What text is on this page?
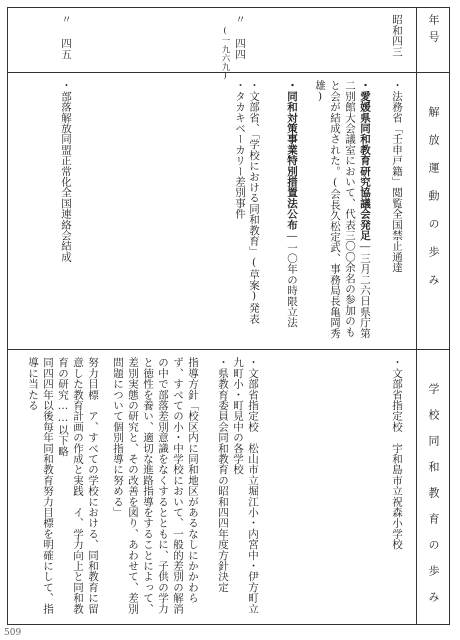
年号
解放運動の歩み
学校同和教育の歩み
昭和四三
〃
四四
(一九六九)
〃
四五
・法務省「壬申戸籍」閲覧全国禁止通達

・愛媛県同和教育研究協議会発足―三月二六日県庁第二別館大会議室において、代表三〇〇余名の参加のもと会が結成された。(会長久松定武、事務局長亀岡秀雄)

・同和対策事業特別措置法公布―一〇年の時限立法

・文部省、「学校における同和教育」(草案)発表
・タカキベーカリー差別事件
・部落解放同盟正常化全国連絡会結成
・文部省指定校　宇和島市立祝森小学校
・文部省指定校　松山市立堀江小・内宮中・伊方町立九町小・町見中の各学校
・県教育委員会同和教育の昭和四四年度方針決定
指導方針「校区内に同和地区があるなしにかかわらず、すべての小・中学校において、一般的差別の解消の中で部落差別意識をなくするとともに、子供の学力と徳性を養い、適切な進路指導をすることによって、差別実態の研究と、その改善を図り、あわせて、差別問題について個別指導に努める」
努力目標　ア、すべての学校における、同和教育に留意した教育計画の作成と実践　イ、学力向上と同和教育の研究……以下略
同四四年以後毎年同和教育努力目標を明確にして、指導に当たる
509
